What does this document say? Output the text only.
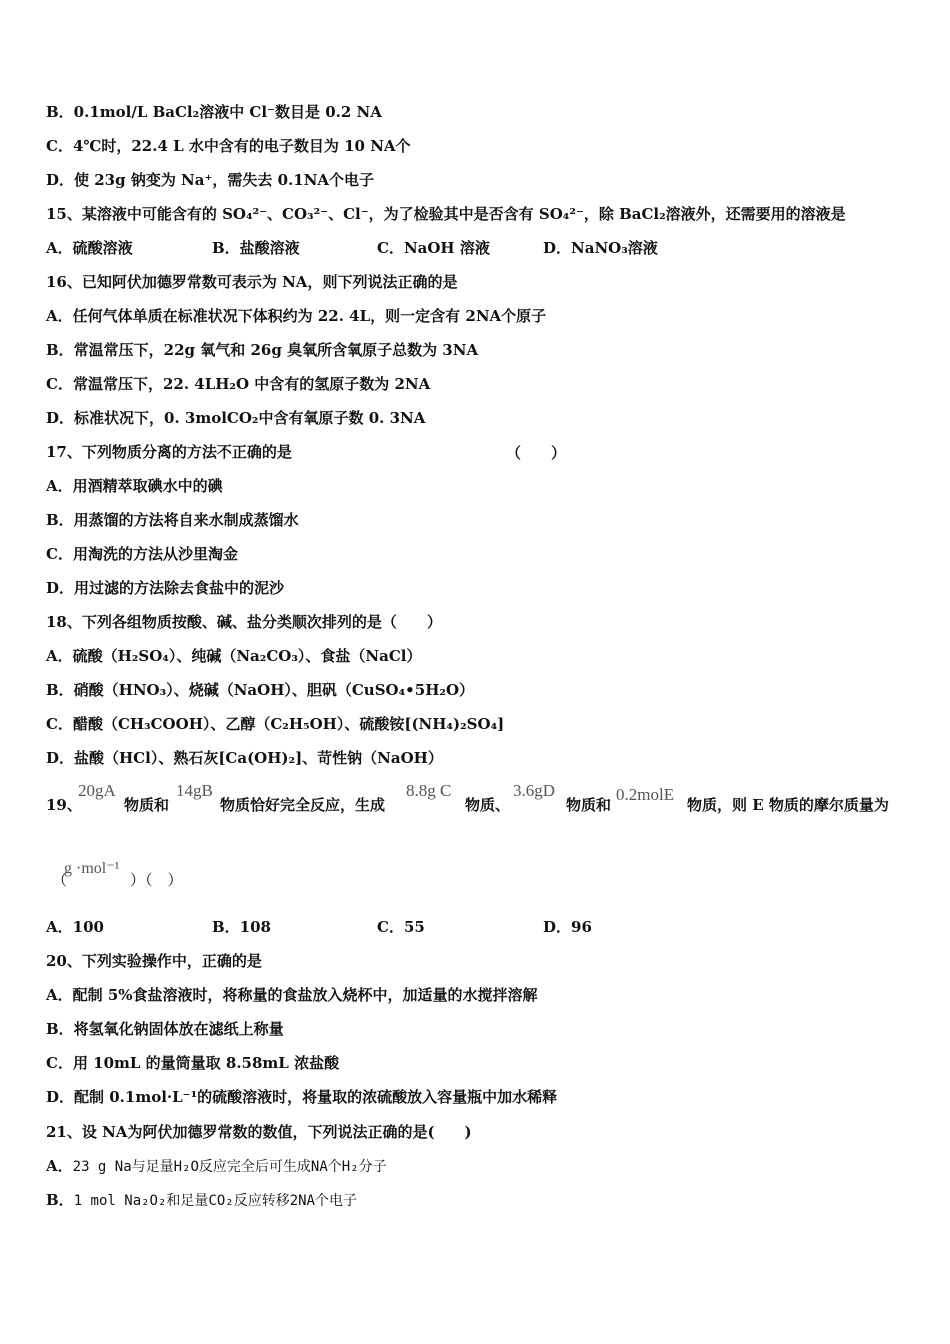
B．0.1mol/L BaCl₂溶液中 Cl⁻数目是 0.2 NA
C．4℃时，22.4 L 水中含有的电子数目为 10 NA个
D．使 23g 钠变为 Na⁺，需失去 0.1NA个电子
15、某溶液中可能含有的 SO₄²⁻、CO₃²⁻、Cl⁻，为了检验其中是否含有 SO₄²⁻，除 BaCl₂溶液外，还需要用的溶液是
A．硫酸溶液	B．盐酸溶液	C．NaOH 溶液	D．NaNO₃溶液
16、已知阿伏加德罗常数可表示为 NA，则下列说法正确的是
A．任何气体单质在标准状况下体积约为 22. 4L，则一定含有 2NA个原子
B．常温常压下，22g 氧气和 26g 臭氧所含氧原子总数为 3NA
C．常温常压下，22. 4LH₂O 中含有的氢原子数为 2NA
D．标准状况下，0. 3molCO₂中含有氧原子数 0. 3NA
17、下列物质分离的方法不正确的是	（　　）
A．用酒精萃取碘水中的碘
B．用蒸馏的方法将自来水制成蒸馏水
C．用淘洗的方法从沙里淘金
D．用过滤的方法除去食盐中的泥沙
18、下列各组物质按酸、碱、盐分类顺次排列的是（　　）
A．硫酸（H₂SO₄）、纯碱（Na₂CO₃）、食盐（NaCl）
B．硝酸（HNO₃）、烧碱（NaOH）、胆矾（CuSO₄•5H₂O）
C．醋酸（CH₃COOH）、乙醇（C₂H₅OH）、硫酸铵[(NH₄)₂SO₄]
D．盐酸（HCl）、熟石灰[Ca(OH)₂]、苛性钠（NaOH）
19、
20gA
物质和
14gB
物质恰好完全反应，生成
8.8g C
物质、
3.6gD
物质和
0.2molE
物质，则 E 物质的摩尔质量为
（
g ·mol⁻¹
）（　）
A．100	B．108	C．55	D．96
20、下列实验操作中，正确的是
A．配制 5%食盐溶液时，将称量的食盐放入烧杯中，加适量的水搅拌溶解
B．将氢氧化钠固体放在滤纸上称量
C．用 10mL 的量筒量取 8.58mL 浓盐酸
D．配制 0.1mol·L⁻¹的硫酸溶液时，将量取的浓硫酸放入容量瓶中加水稀释
21、设 NA为阿伏加德罗常数的数值，下列说法正确的是(　　)
A．23 g Na与足量H₂O反应完全后可生成NA个H₂分子
B．1 mol Na₂O₂和足量CO₂反应转移2NA个电子
